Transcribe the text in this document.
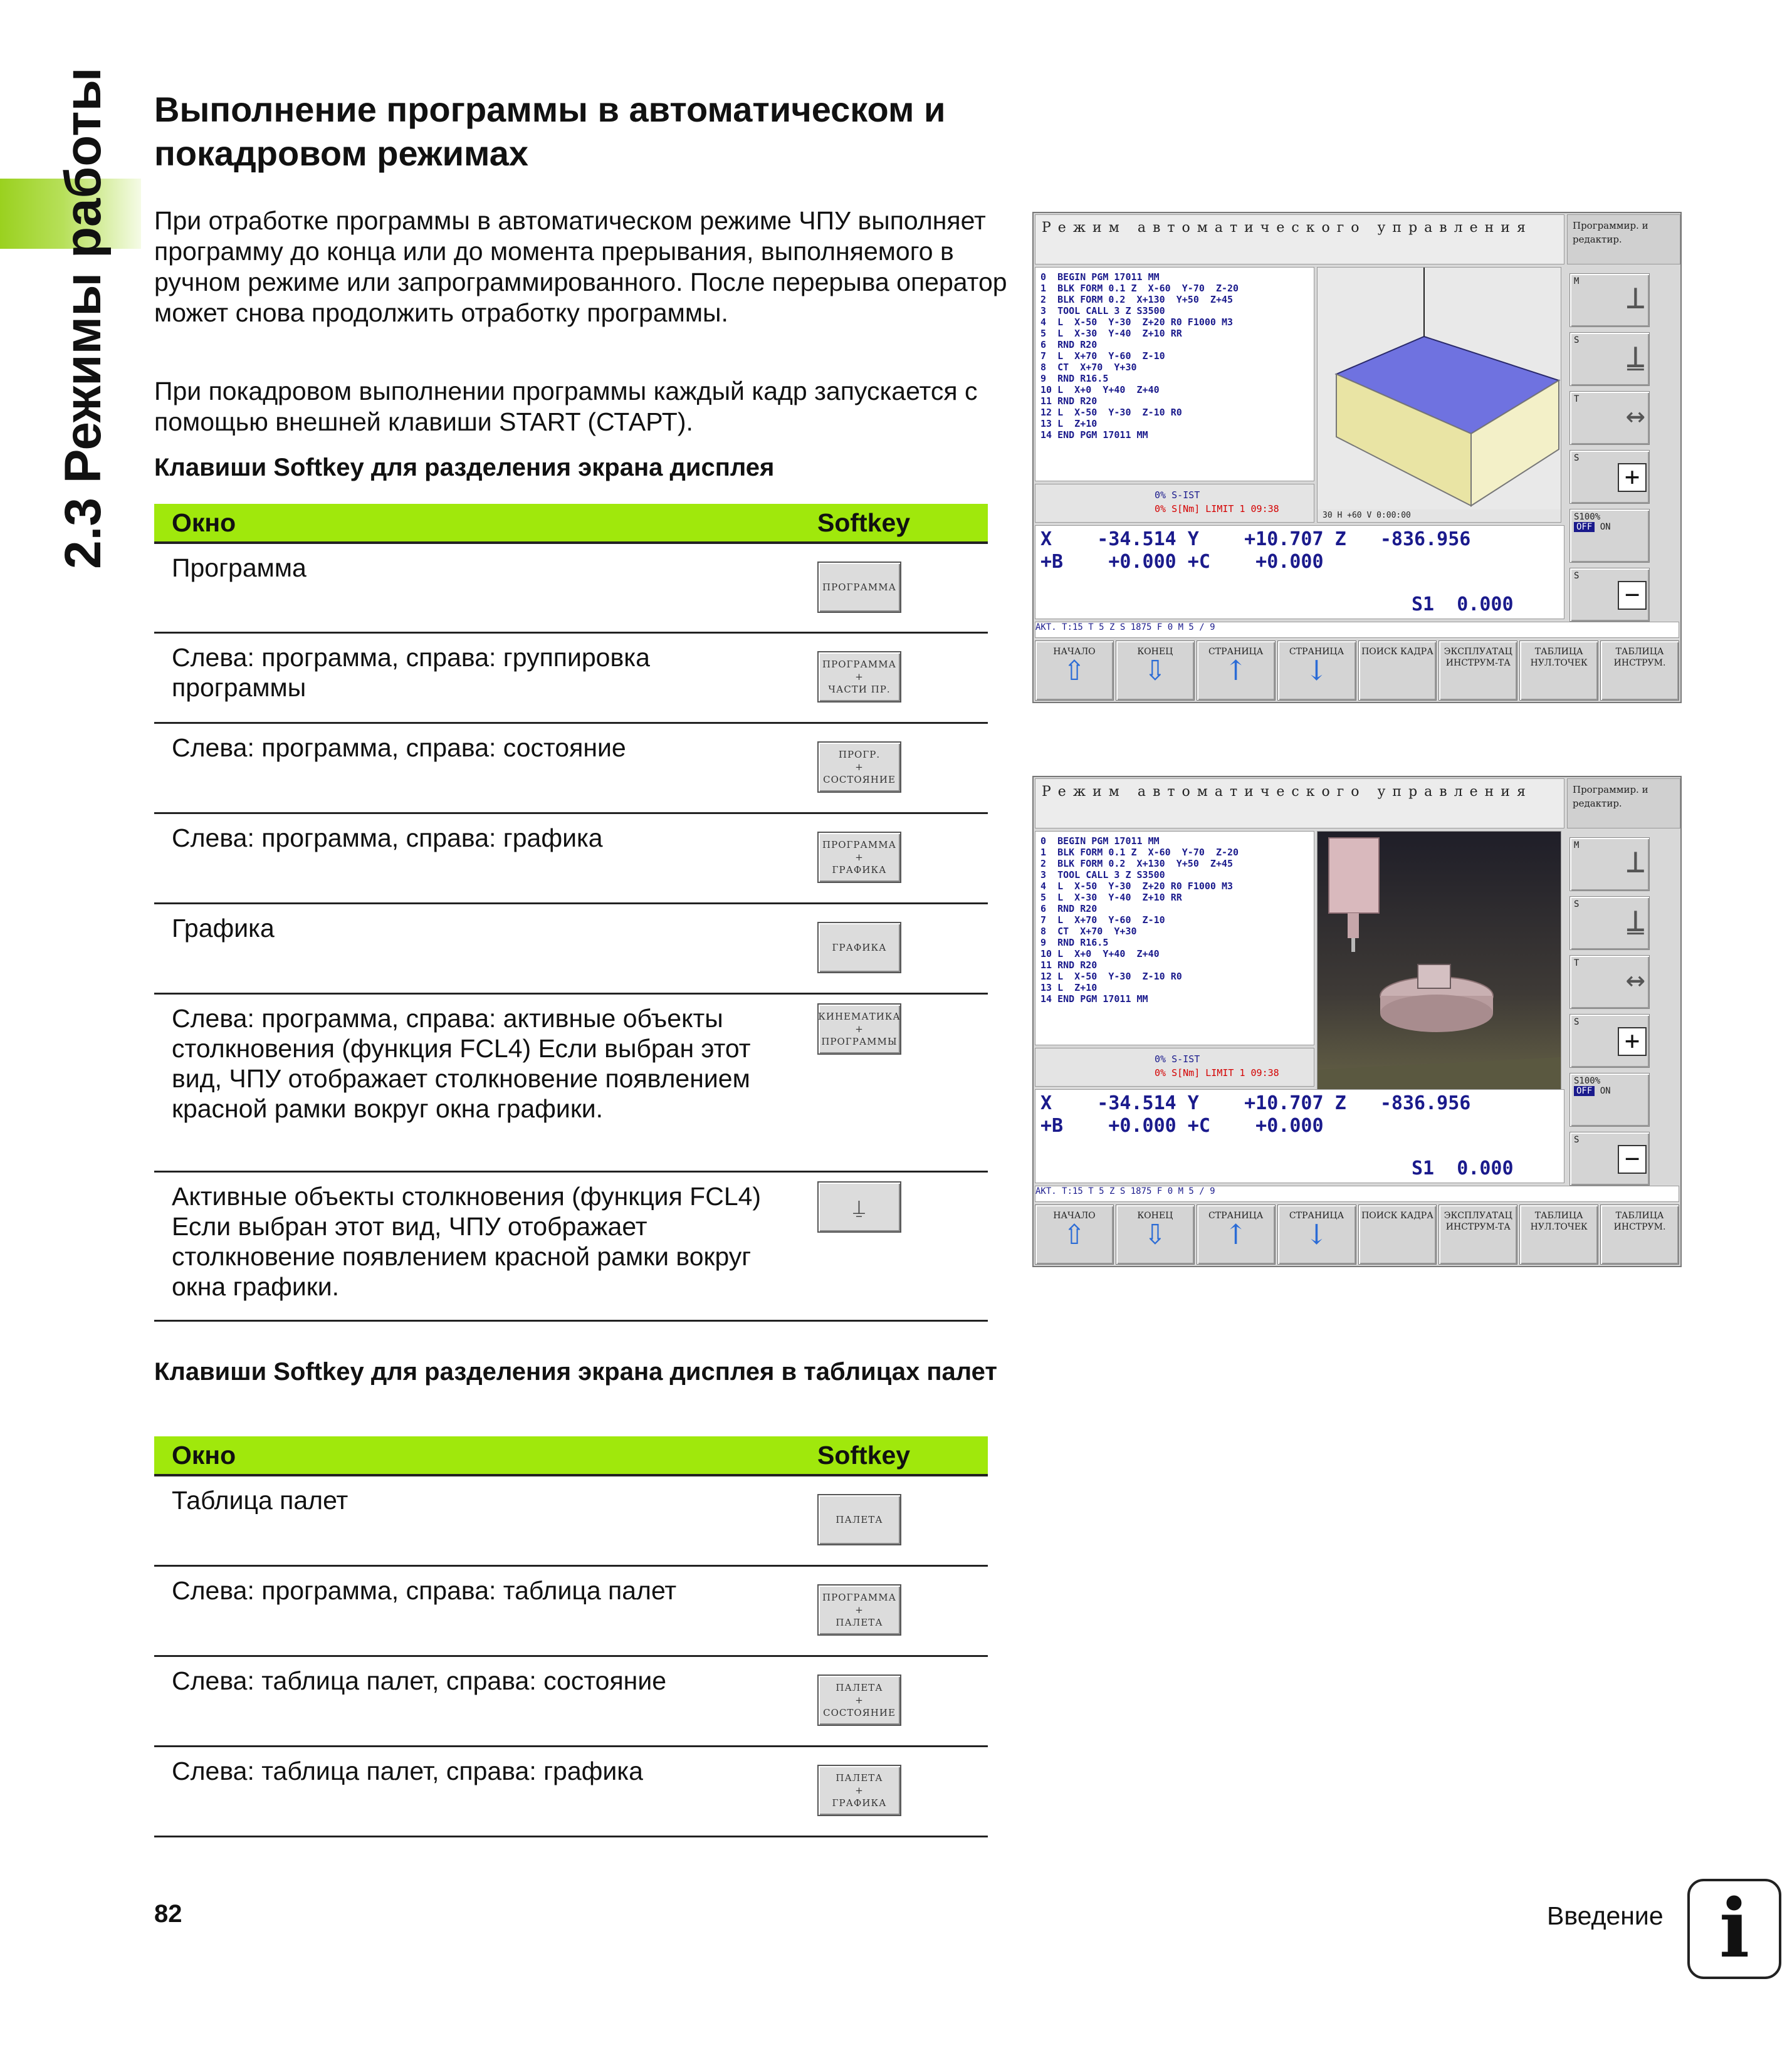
2.3 Режимы работы Выполнение программы в автоматическом и покадровом режимах

При отработке программы в автоматическом режиме ЧПУ выполняет программу до конца или до момента прерывания, выполняемого в ручном режиме или запрограммированного. После перерыва оператор может снова продолжить отработку программы.

При покадровом выполнении программы каждый кадр запускается с помощью внешней клавиши START (СТАРТ).

Клавиши Softkey для разделения экрана дисплея
Окно	Softkey
Программа	ПРОГРАММА

Слева: программа, справа: группировка программы	ПРОГРАММА
+
ЧАСТИ ПР.

Слева: программа, справа: состояние	ПРОГР.
+
СОСТОЯНИЕ

Слева: программа, справа: графика	ПРОГРАММА
+
ГРАФИКА

Графика	ГРАФИКА

Слева: программа, справа: активные объекты столкновения (функция FCL4) Если выбран этот вид, ЧПУ отображает столкновение появлением красной рамки вокруг окна графики.	КИНЕМАТИКА
+
ПРОГРАММЫ

Активные объекты столкновения (функция FCL4) Если выбран этот вид, ЧПУ отображает столкновение появлением красной рамки вокруг окна графики.	⍊
Клавиши Softkey для разделения экрана дисплея в таблицах палет
Окно	Softkey
Таблица палет	ПАЛЕТА

Слева: программа, справа: таблица палет	ПРОГРАММА
+
ПАЛЕТА

Слева: таблица палет, справа: состояние	ПАЛЕТА
+
СОСТОЯНИЕ

Слева: таблица палет, справа: графика	ПАЛЕТА
+
ГРАФИКА
Режим автоматического управления	Программир. и редактир.
0  BEGIN PGM 17011 MM
1  BLK FORM 0.1 Z  X-60  Y-70  Z-20
2  BLK FORM 0.2  X+130  Y+50  Z+45
3  TOOL CALL 3 Z S3500
4  L  X-50  Y-30  Z+20 R0 F1000 M3
5  L  X-30  Y-40  Z+10 RR
6  RND R20
7  L  X+70  Y-60  Z-10
8  CT  X+70  Y+30
9  RND R16.5
10 L  X+0  Y+40  Z+40
11 RND R20
12 L  X-50  Y-30  Z-10 R0
13 L  Z+10
14 END PGM 17011 MM
30 H +60 V 0:00:00
0% S-IST
0% S[Nm] LIMIT 1 09:38
X    -34.514 Y    +10.707 Z   -836.956
+B    +0.000 +C    +0.000
S1  0.000
M ⊥
S ⍊
T ↔
S
+
S100%
OFF ON
S
−
АКТ. T:15 T 5 Z S 1875 F 0 M 5 / 9
НАЧАЛО
⇧
КОНЕЦ
⇩
СТРАНИЦА
↑
СТРАНИЦА
↓
ПОИСК КАДРА	ЭКСПЛУАТАЦ ИНСТРУМ-ТА
ТАБЛИЦА НУЛ.ТОЧЕК
ТАБЛИЦА ИНСТРУМ.
Режим автоматического управления	Программир. и редактир.
0  BEGIN PGM 17011 MM
1  BLK FORM 0.1 Z  X-60  Y-70  Z-20
2  BLK FORM 0.2  X+130  Y+50  Z+45
3  TOOL CALL 3 Z S3500
4  L  X-50  Y-30  Z+20 R0 F1000 M3
5  L  X-30  Y-40  Z+10 RR
6  RND R20
7  L  X+70  Y-60  Z-10
8  CT  X+70  Y+30
9  RND R16.5
10 L  X+0  Y+40  Z+40
11 RND R20
12 L  X-50  Y-30  Z-10 R0
13 L  Z+10
14 END PGM 17011 MM
0% S-IST
0% S[Nm] LIMIT 1 09:38
X    -34.514 Y    +10.707 Z   -836.956
+B    +0.000 +C    +0.000
S1  0.000
M ⊥
S ⍊
T ↔
S
+
S100%
OFF ON
S
−
АКТ. T:15 T 5 Z S 1875 F 0 M 5 / 9
НАЧАЛО
⇧
КОНЕЦ
⇩
СТРАНИЦА
↑
СТРАНИЦА
↓
ПОИСК КАДРА	ЭКСПЛУАТАЦ ИНСТРУМ-ТА
ТАБЛИЦА НУЛ.ТОЧЕК
ТАБЛИЦА ИНСТРУМ.
82	Введение i
